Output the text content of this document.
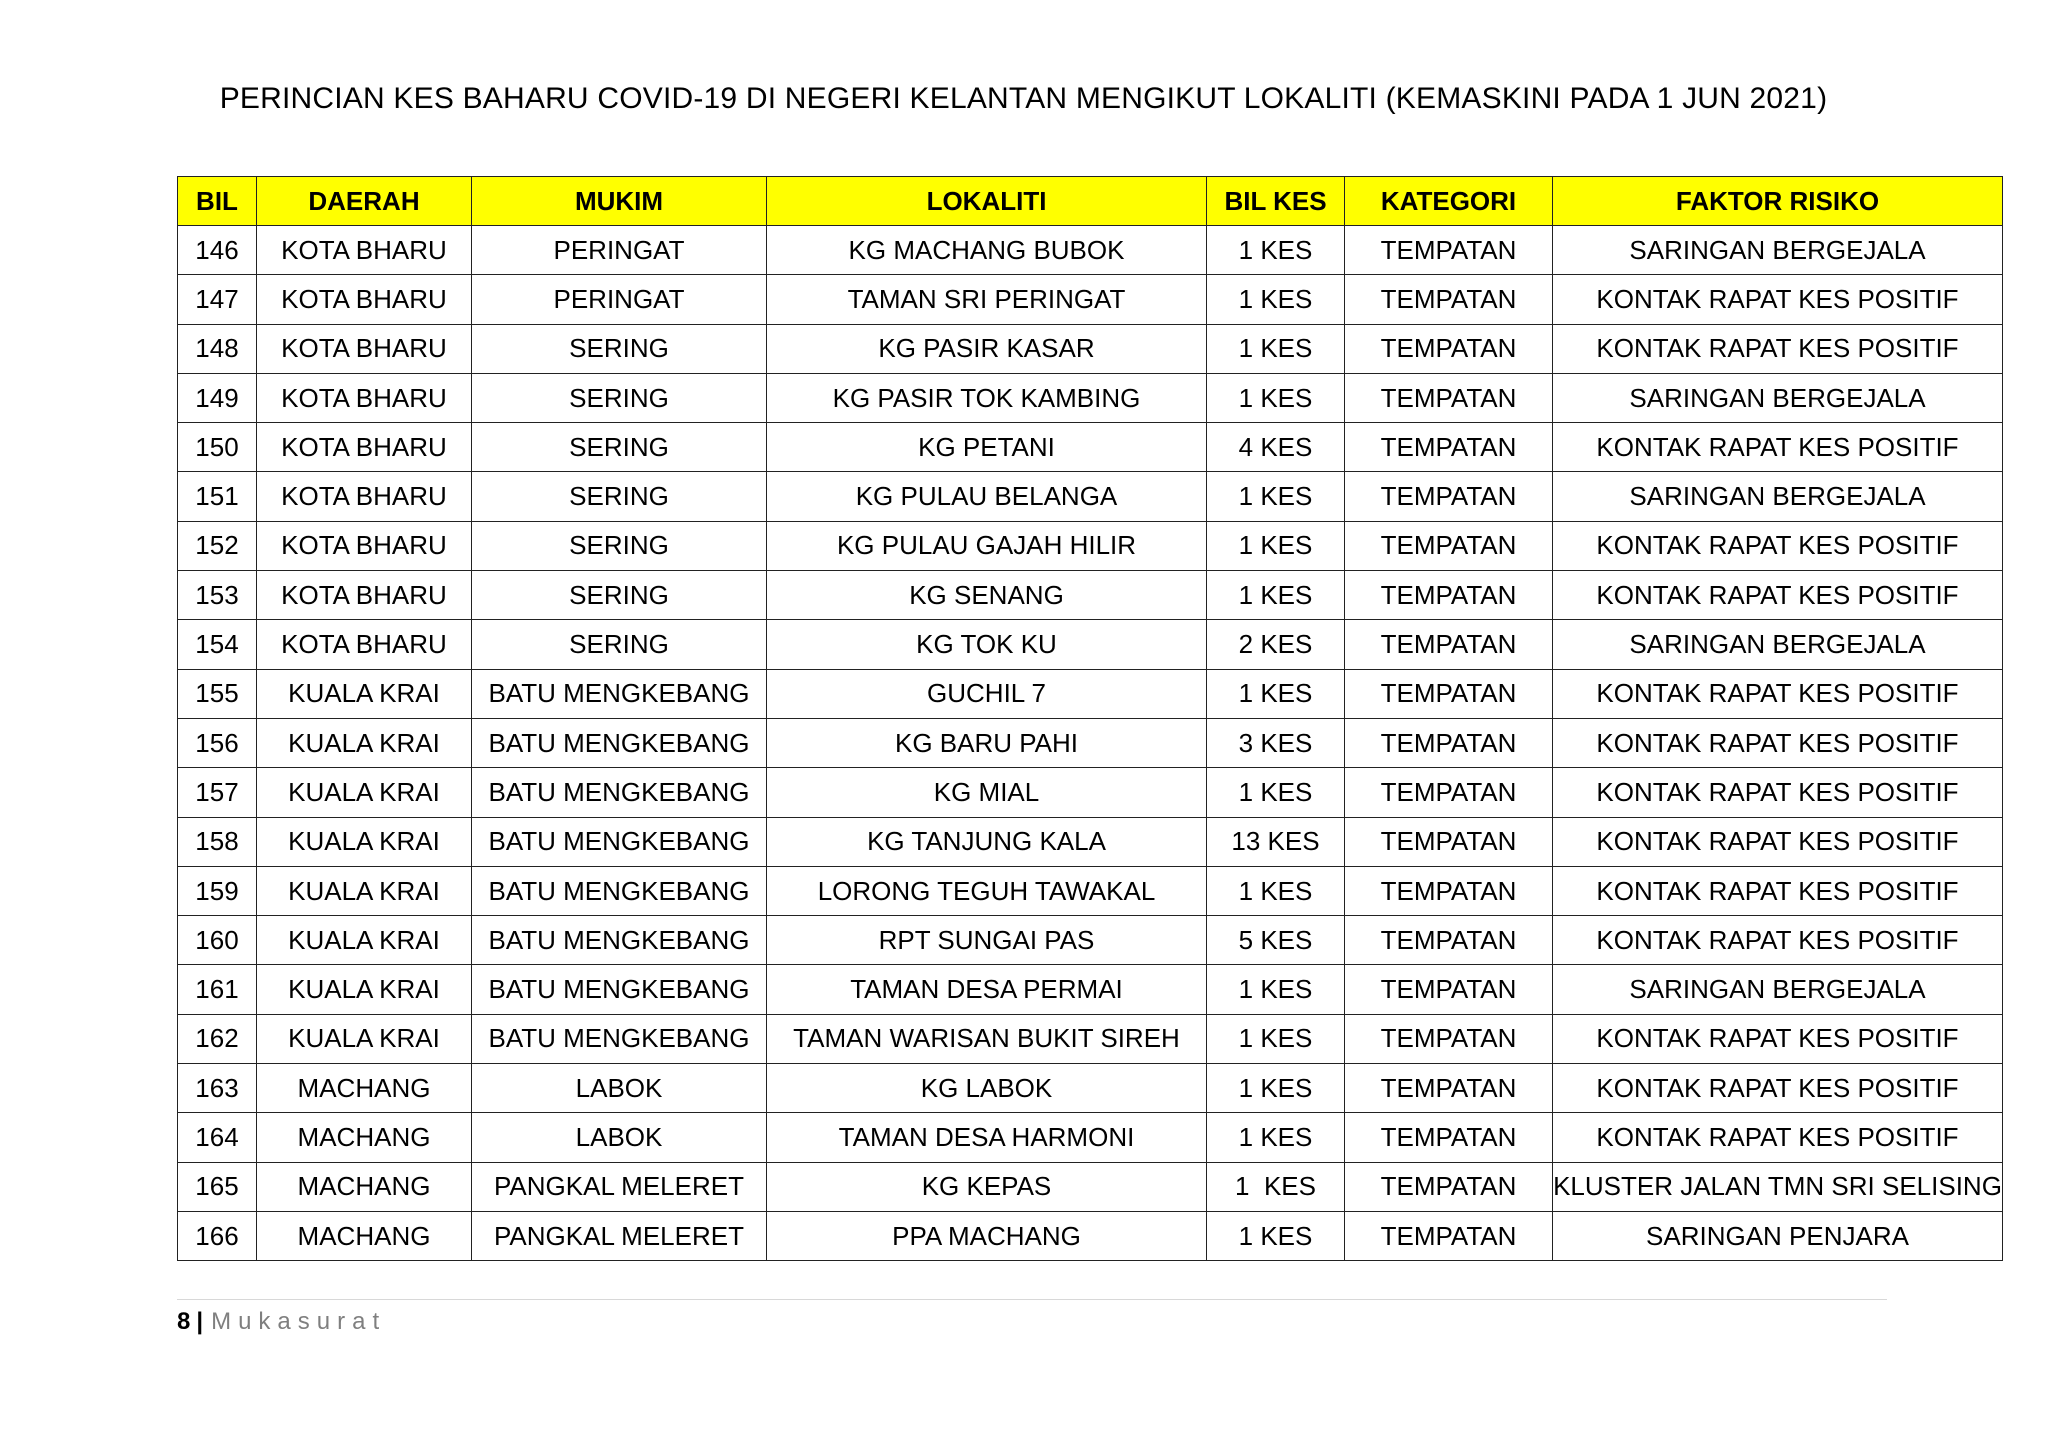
PERINCIAN KES BAHARU COVID-19 DI NEGERI KELANTAN MENGIKUT LOKALITI (KEMASKINI PADA 1 JUN 2021)
BIL	DAERAH	MUKIM	LOKALITI	BIL KES	KATEGORI	FAKTOR RISIKO
146	KOTA BHARU	PERINGAT	KG MACHANG BUBOK	1 KES	TEMPATAN	SARINGAN BERGEJALA
147	KOTA BHARU	PERINGAT	TAMAN SRI PERINGAT	1 KES	TEMPATAN	KONTAK RAPAT KES POSITIF
148	KOTA BHARU	SERING	KG PASIR KASAR	1 KES	TEMPATAN	KONTAK RAPAT KES POSITIF
149	KOTA BHARU	SERING	KG PASIR TOK KAMBING	1 KES	TEMPATAN	SARINGAN BERGEJALA
150	KOTA BHARU	SERING	KG PETANI	4 KES	TEMPATAN	KONTAK RAPAT KES POSITIF
151	KOTA BHARU	SERING	KG PULAU BELANGA	1 KES	TEMPATAN	SARINGAN BERGEJALA
152	KOTA BHARU	SERING	KG PULAU GAJAH HILIR	1 KES	TEMPATAN	KONTAK RAPAT KES POSITIF
153	KOTA BHARU	SERING	KG SENANG	1 KES	TEMPATAN	KONTAK RAPAT KES POSITIF
154	KOTA BHARU	SERING	KG TOK KU	2 KES	TEMPATAN	SARINGAN BERGEJALA
155	KUALA KRAI	BATU MENGKEBANG	GUCHIL 7	1 KES	TEMPATAN	KONTAK RAPAT KES POSITIF
156	KUALA KRAI	BATU MENGKEBANG	KG BARU PAHI	3 KES	TEMPATAN	KONTAK RAPAT KES POSITIF
157	KUALA KRAI	BATU MENGKEBANG	KG MIAL	1 KES	TEMPATAN	KONTAK RAPAT KES POSITIF
158	KUALA KRAI	BATU MENGKEBANG	KG TANJUNG KALA	13 KES	TEMPATAN	KONTAK RAPAT KES POSITIF
159	KUALA KRAI	BATU MENGKEBANG	LORONG TEGUH TAWAKAL	1 KES	TEMPATAN	KONTAK RAPAT KES POSITIF
160	KUALA KRAI	BATU MENGKEBANG	RPT SUNGAI PAS	5 KES	TEMPATAN	KONTAK RAPAT KES POSITIF
161	KUALA KRAI	BATU MENGKEBANG	TAMAN DESA PERMAI	1 KES	TEMPATAN	SARINGAN BERGEJALA
162	KUALA KRAI	BATU MENGKEBANG	TAMAN WARISAN BUKIT SIREH	1 KES	TEMPATAN	KONTAK RAPAT KES POSITIF
163	MACHANG	LABOK	KG LABOK	1 KES	TEMPATAN	KONTAK RAPAT KES POSITIF
164	MACHANG	LABOK	TAMAN DESA HARMONI	1 KES	TEMPATAN	KONTAK RAPAT KES POSITIF
165	MACHANG	PANGKAL MELERET	KG KEPAS	1  KES	TEMPATAN	KLUSTER JALAN TMN SRI SELISING
166	MACHANG	PANGKAL MELERET	PPA MACHANG	1 KES	TEMPATAN	SARINGAN PENJARA
8 | Mukasurat
